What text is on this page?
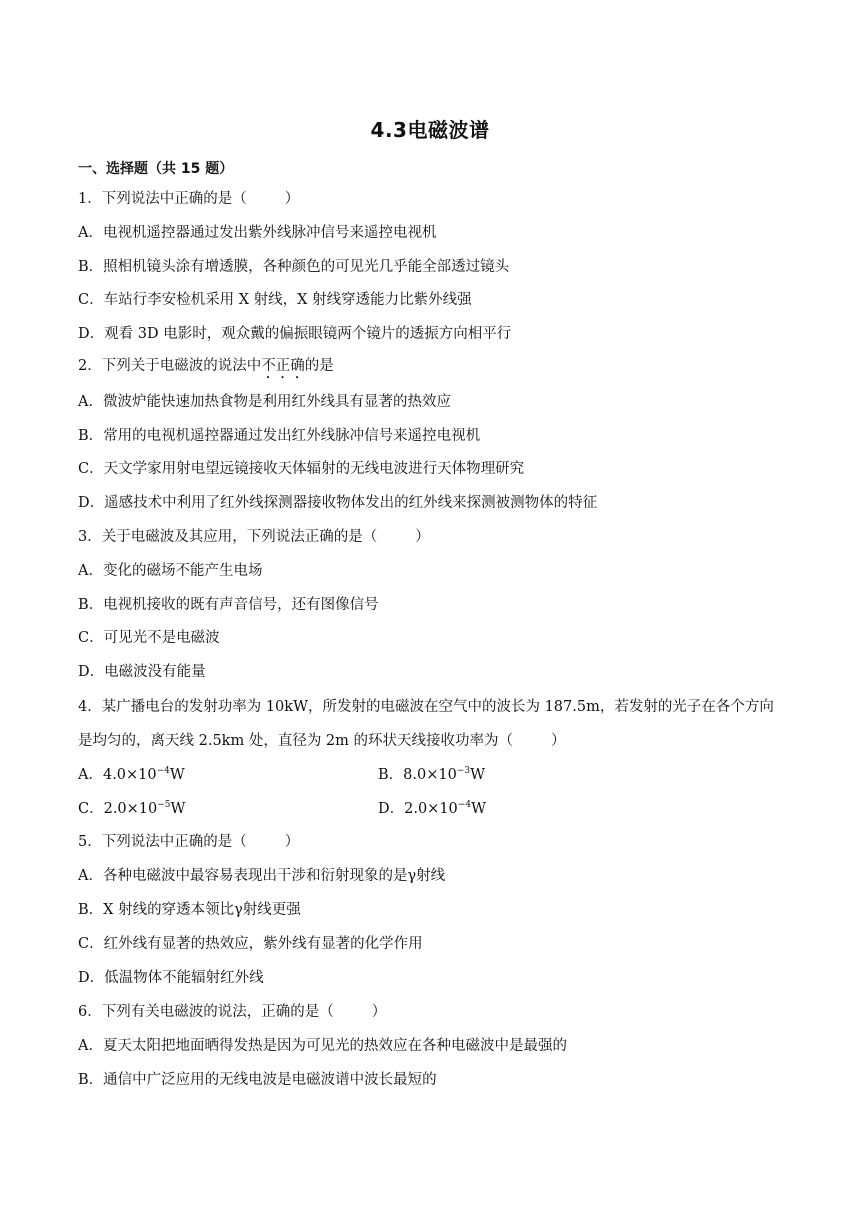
4.3电磁波谱
一、选择题（共 15 题）
1．下列说法中正确的是（	）
A．电视机遥控器通过发出紫外线脉冲信号来遥控电视机
B．照相机镜头涂有增透膜，各种颜色的可见光几乎能全部透过镜头
C．车站行李安检机采用 X 射线，X 射线穿透能力比紫外线强
D．观看 3D 电影时，观众戴的偏振眼镜两个镜片的透振方向相平行
2．下列关于电磁波的说法中不正确的是
A．微波炉能快速加热食物是利用红外线具有显著的热效应
B．常用的电视机遥控器通过发出红外线脉冲信号来遥控电视机
C．天文学家用射电望远镜接收天体辐射的无线电波进行天体物理研究
D．遥感技术中利用了红外线探测器接收物体发出的红外线来探测被测物体的特征
3．关于电磁波及其应用，下列说法正确的是（	）
A．变化的磁场不能产生电场
B．电视机接收的既有声音信号，还有图像信号
C．可见光不是电磁波
D．电磁波没有能量
4．某广播电台的发射功率为 10kW，所发射的电磁波在空气中的波长为 187.5m，若发射的光子在各个方向
是均匀的，离天线 2.5km 处，直径为 2m 的环状天线接收功率为（	）
A．$4.0\times 10^{-4}W$	B．$8.0\times 10^{-3}W$
C．$2.0\times 10^{-5}W$	D．$2.0\times 10^{-4}W$
5．下列说法中正确的是（	）
A．各种电磁波中最容易表现出干涉和衍射现象的是γ射线
B．X 射线的穿透本领比γ射线更强
C．红外线有显著的热效应，紫外线有显著的化学作用
D．低温物体不能辐射红外线
6．下列有关电磁波的说法，正确的是（	）
A．夏天太阳把地面晒得发热是因为可见光的热效应在各种电磁波中是最强的
B．通信中广泛应用的无线电波是电磁波谱中波长最短的
